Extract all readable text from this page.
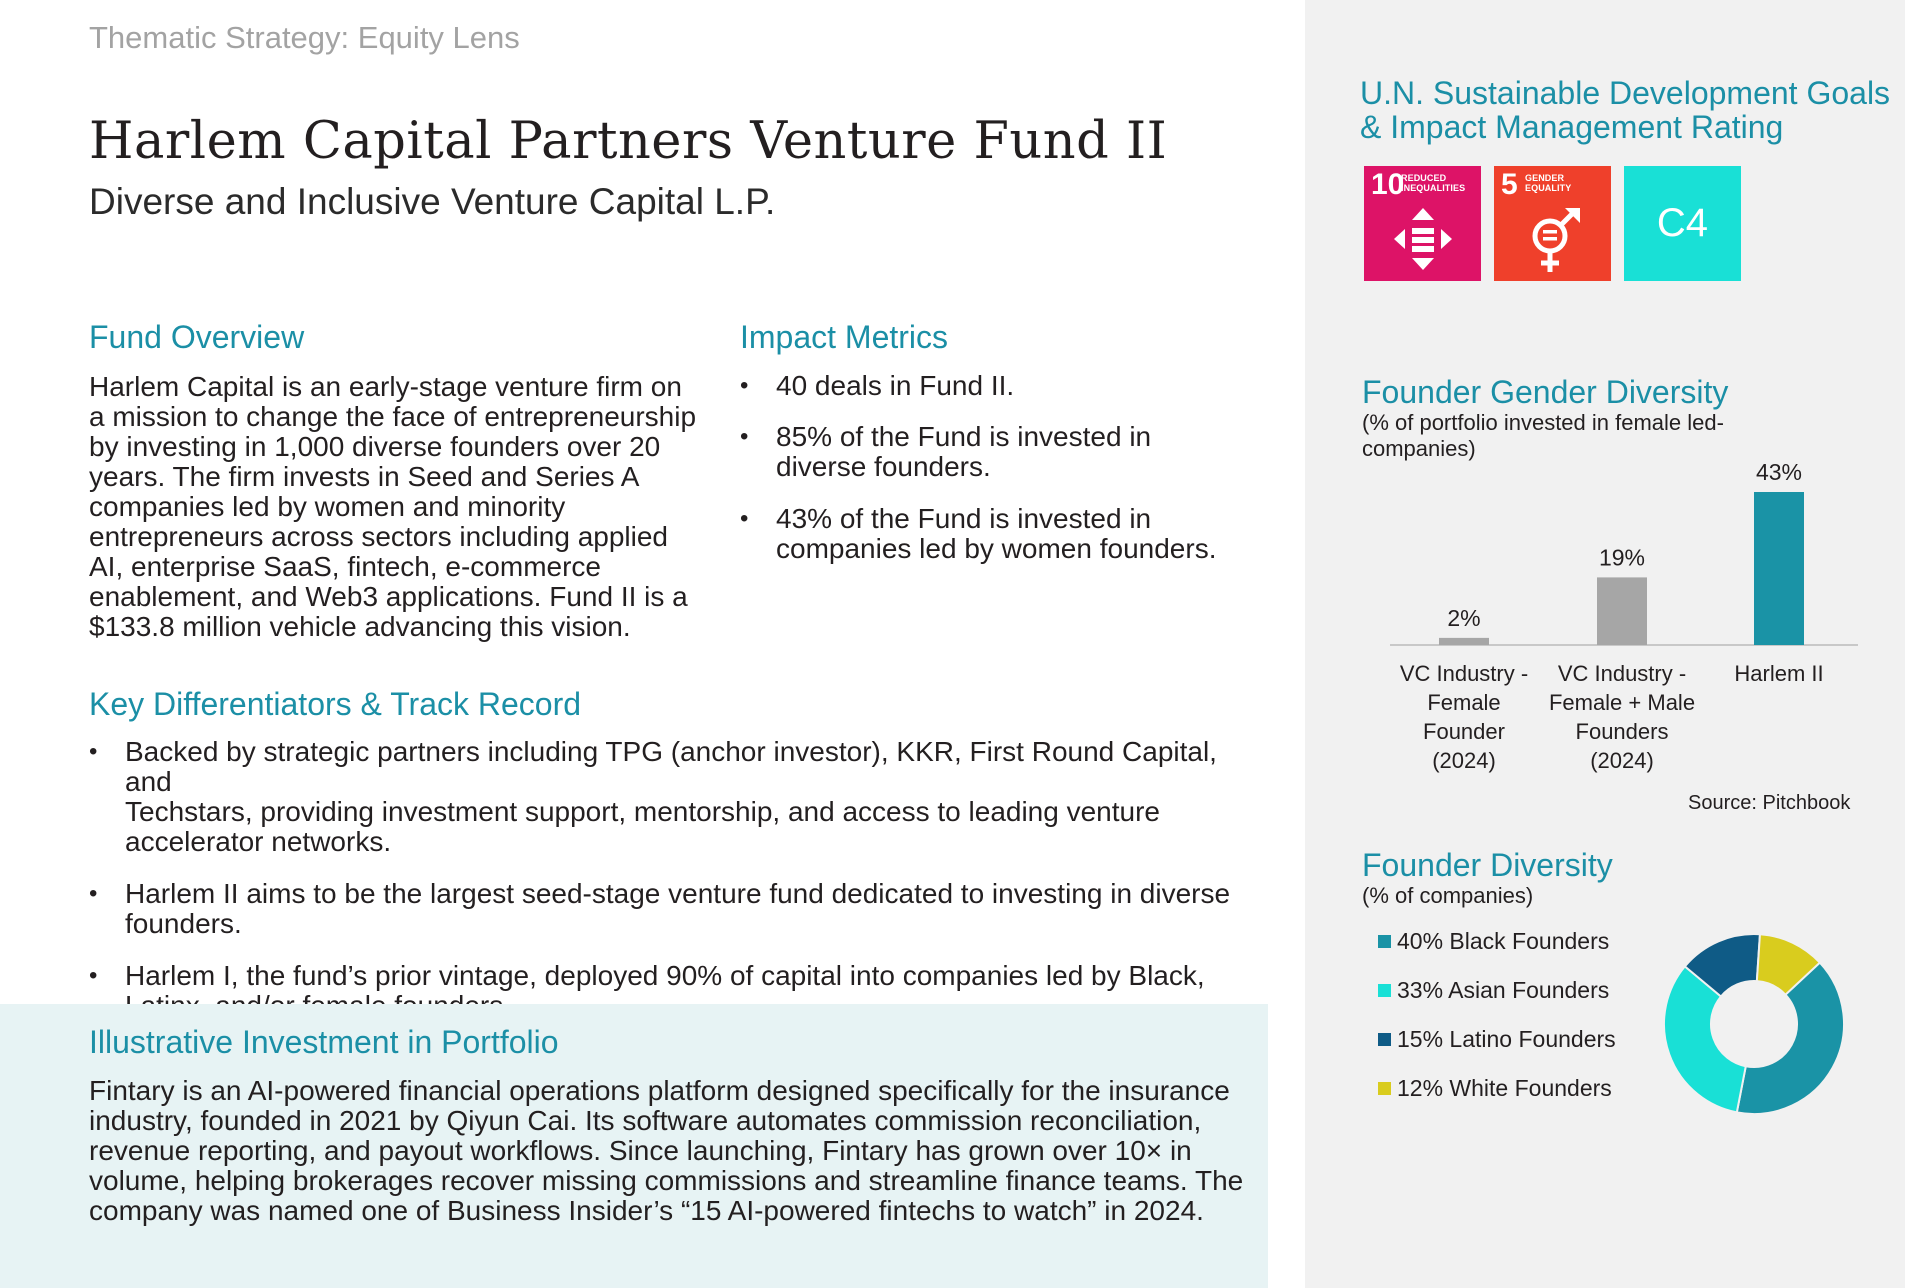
Thematic Strategy: Equity Lens
Harlem Capital Partners Venture Fund II
Diverse and Inclusive Venture Capital L.P.
Fund Overview
Harlem Capital is an early-stage venture firm on
a mission to change the face of entrepreneurship
by investing in 1,000 diverse founders over 20
years. The firm invests in Seed and Series A
companies led by women and minority
entrepreneurs across sectors including applied
AI, enterprise SaaS, fintech, e-commerce
enablement, and Web3 applications. Fund II is a
$133.8 million vehicle advancing this vision.
Impact Metrics
• 40 deals in Fund II.
• 85% of the Fund is invested in
diverse founders.
• 43% of the Fund is invested in
companies led by women founders.
Key Differentiators & Track Record
• Backed by strategic partners including TPG (anchor investor), KKR, First Round Capital, and
Techstars, providing investment support, mentorship, and access to leading venture
accelerator networks.
• Harlem II aims to be the largest seed-stage venture fund dedicated to investing in diverse
founders.
• Harlem I, the fund’s prior vintage, deployed 90% of capital into companies led by Black,
Illustrative Investment in Portfolio
Fintary is an AI-powered financial operations platform designed specifically for the insurance
industry, founded in 2021 by Qiyun Cai. Its software automates commission reconciliation,
revenue reporting, and payout workflows. Since launching, Fintary has grown over 10× in
volume, helping brokerages recover missing commissions and streamline finance teams. The
company was named one of Business Insider’s “15 AI-powered fintechs to watch” in 2024.
U.N. Sustainable Development Goals
& Impact Management Rating
10
REDUCED
INEQUALITIES 5 GENDER
EQUALITY
C4
Founder Gender Diversity
(% of portfolio invested in female led-
companies)
2%
VC Industry -
Female
Founder
(2024)
19%
VC Industry -
Female + Male
Founders
(2024)
43%
Harlem II
Source: Pitchbook
Founder Diversity
(% of companies)
40% Black Founders
33% Asian Founders
15% Latino Founders
12% White Founders
